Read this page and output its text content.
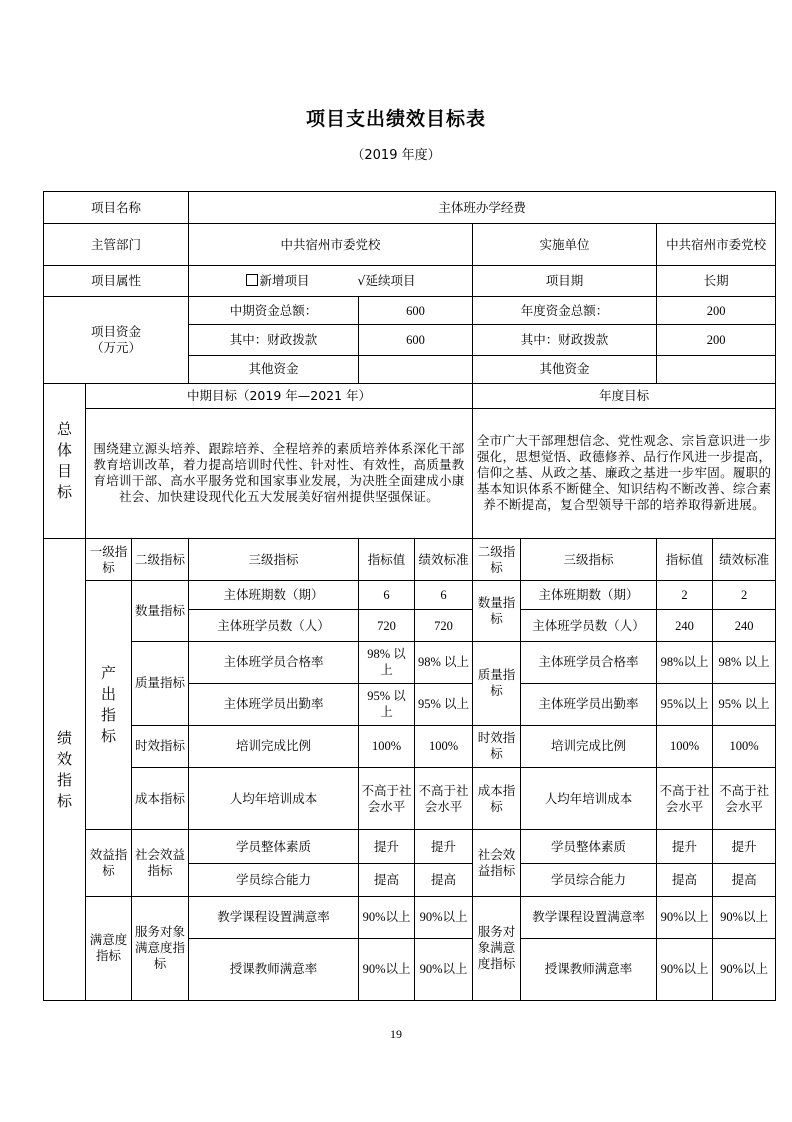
项目支出绩效目标表
（2019 年度）
项目名称			主体班办学经费						
主管部门			中共宿州市委党校			实施单位		中共宿州市委党校	
项目属性			新增项目 √延续项目			项目期		长期	

项目资金
（万元）			中期资金总额：	600		年度资金总额：		200	
			其中：财政拨款	600		其中：财政拨款		200	
			其他资金			其他资金			

总体目标	中期目标（2019 年—2021 年）					年度目标			
	围绕建立源头培养、跟踪培养、全程培养的素质培养体系深化干部教育培训改革，着力提高培训时代性、针对性、有效性，高质量教育培训干部、高水平服务党和国家事业发展，为决胜全面建成小康社会、加快建设现代化五大发展美好宿州提供坚强保证。					全市广大干部理想信念、党性观念、宗旨意识进一步强化，思想觉悟、政德修养、品行作风进一步提高，信仰之基、从政之基、廉政之基进一步牢固。履职的基本知识体系不断健全、知识结构不断改善、综合素养不断提高，复合型领导干部的培养取得新进展。			

绩效指标	一级指标	二级指标	三级指标	指标值	绩效标准	二级指标	三级指标	指标值	绩效标准

	产出指标	数量指标	主体班期数（期）	6	6	数量指标	主体班期数（期）	2	2
			主体班学员数（人）	720	720		主体班学员数（人）	240	240
		质量指标	主体班学员合格率	98% 以上	98% 以上	质量指标	主体班学员合格率	98%以上	98% 以上
			主体班学员出勤率	95% 以上	95% 以上		主体班学员出勤率	95%以上	95% 以上
		时效指标	培训完成比例	100%	100%	时效指标	培训完成比例	100%	100%
		成本指标	人均年培训成本	不高于社会水平	不高于社会水平	成本指标	人均年培训成本	不高于社会水平	不高于社会水平
	效益指标	社会效益指标	学员整体素质	提升	提升	社会效益指标	学员整体素质	提升	提升
			学员综合能力	提高	提高		学员综合能力	提高	提高
	满意度指标	服务对象满意度指标	教学课程设置满意率	90%以上	90%以上	服务对象满意度指标	教学课程设置满意率	90%以上	90%以上
			授课教师满意率	90%以上	90%以上		授课教师满意率	90%以上	90%以上
19
